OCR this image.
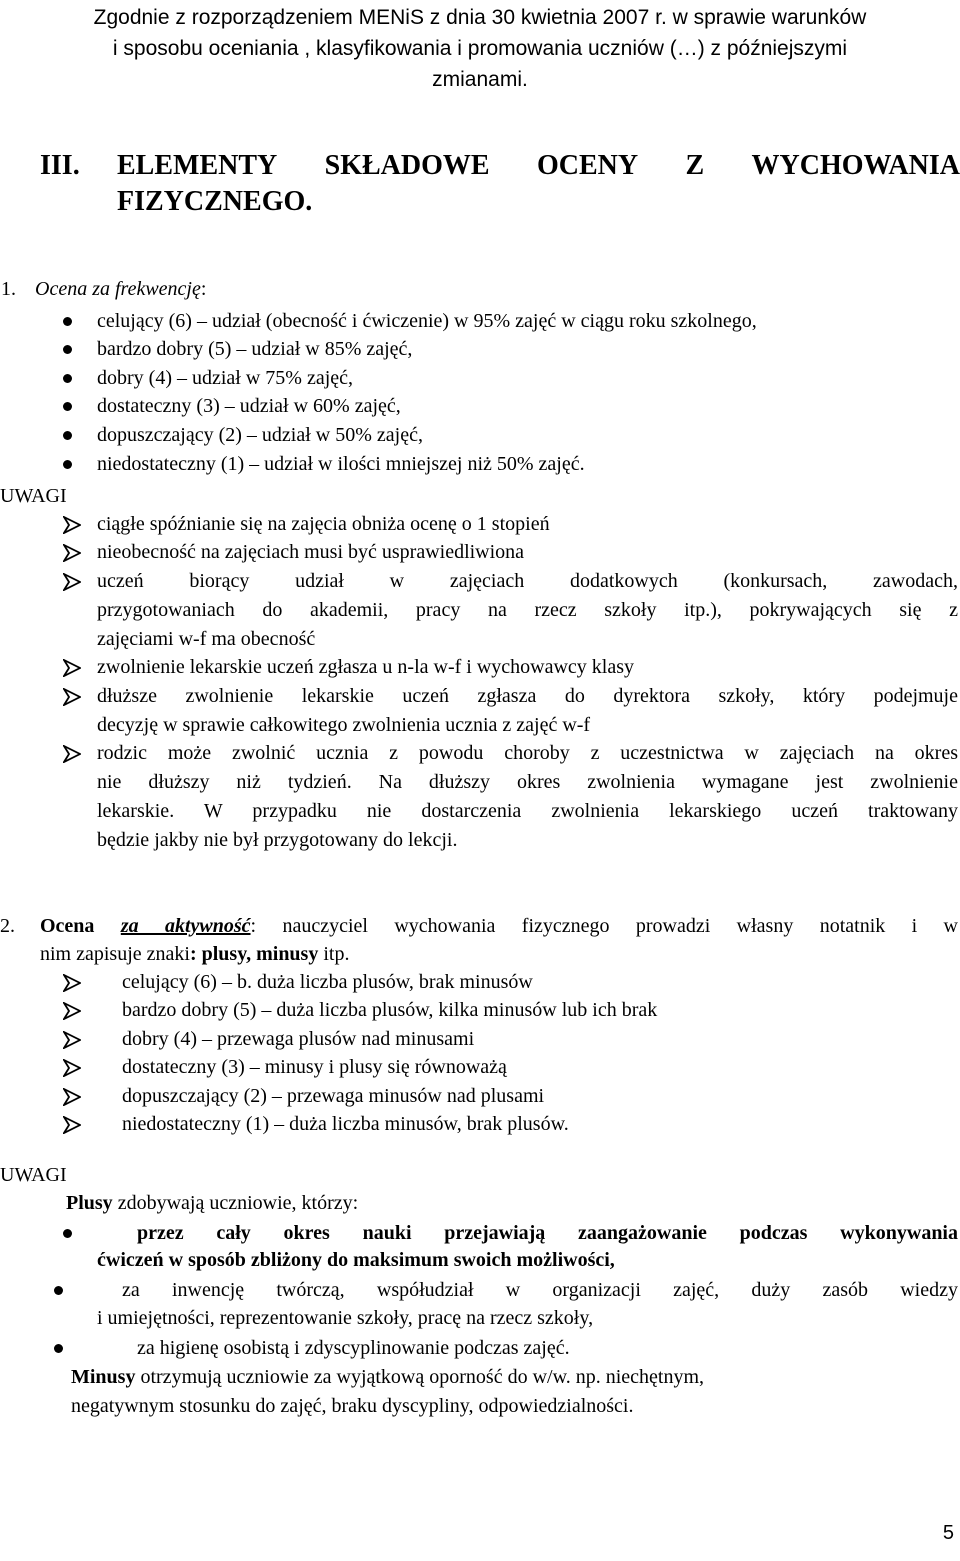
Zgodnie z rozporządzeniem MENiS z dnia 30 kwietnia 2007 r. w sprawie warunków
i sposobu oceniania , klasyfikowania i promowania uczniów (…) z późniejszymi
zmianami.
III. ELEMENTY SKŁADOWE OCENY Z WYCHOWANIA
FIZYCZNEGO.
1. Ocena za frekwencję:
celujący (6) – udział (obecność i ćwiczenie) w 95% zajęć w ciągu roku szkolnego,
bardzo dobry (5) – udział w 85% zajęć,
dobry (4) – udział w 75% zajęć,
dostateczny (3) – udział w 60% zajęć,
dopuszczający (2) – udział w 50% zajęć,
niedostateczny (1) – udział w ilości mniejszej niż 50% zajęć.
UWAGI
ciągłe spóźnianie się na zajęcia obniża ocenę o 1 stopień
nieobecność na zajęciach musi być usprawiedliwiona
uczeń biorący udział w zajęciach dodatkowych (konkursach, zawodach,
przygotowaniach do akademii, pracy na rzecz szkoły itp.), pokrywających się z
zajęciami w-f ma obecność
zwolnienie lekarskie uczeń zgłasza u n-la w-f i wychowawcy klasy
dłuższe zwolnienie lekarskie uczeń zgłasza do dyrektora szkoły, który podejmuje
decyzję w sprawie całkowitego zwolnienia ucznia z zajęć w-f
rodzic może zwolnić ucznia z powodu choroby z uczestnictwa w zajęciach na okres
nie dłuższy niż tydzień. Na dłuższy okres zwolnienia wymagane jest zwolnienie
lekarskie. W przypadku nie dostarczenia zwolnienia lekarskiego uczeń traktowany
będzie jakby nie był przygotowany do lekcji.
2. Ocena za aktywność: nauczyciel wychowania fizycznego prowadzi własny notatnik i w
nim zapisuje znaki: plusy, minusy itp.
celujący (6) – b. duża liczba plusów, brak minusów
bardzo dobry (5) – duża liczba plusów, kilka minusów lub ich brak
dobry (4) – przewaga plusów nad minusami
dostateczny (3) – minusy i plusy się równoważą
dopuszczający (2) – przewaga minusów nad plusami
niedostateczny (1) – duża liczba minusów, brak plusów.
UWAGI
Plusy zdobywają uczniowie, którzy:
przez cały okres nauki przejawiają zaangażowanie podczas wykonywania
ćwiczeń w sposób zbliżony do maksimum swoich możliwości,
za inwencję twórczą, współudział w organizacji zajęć, duży zasób wiedzy
i umiejętności, reprezentowanie szkoły, pracę na rzecz szkoły,
za higienę osobistą i zdyscyplinowanie podczas zajęć.
Minusy otrzymują uczniowie za wyjątkową oporność do w/w. np. niechętnym,
negatywnym stosunku do zajęć, braku dyscypliny, odpowiedzialności.
5
